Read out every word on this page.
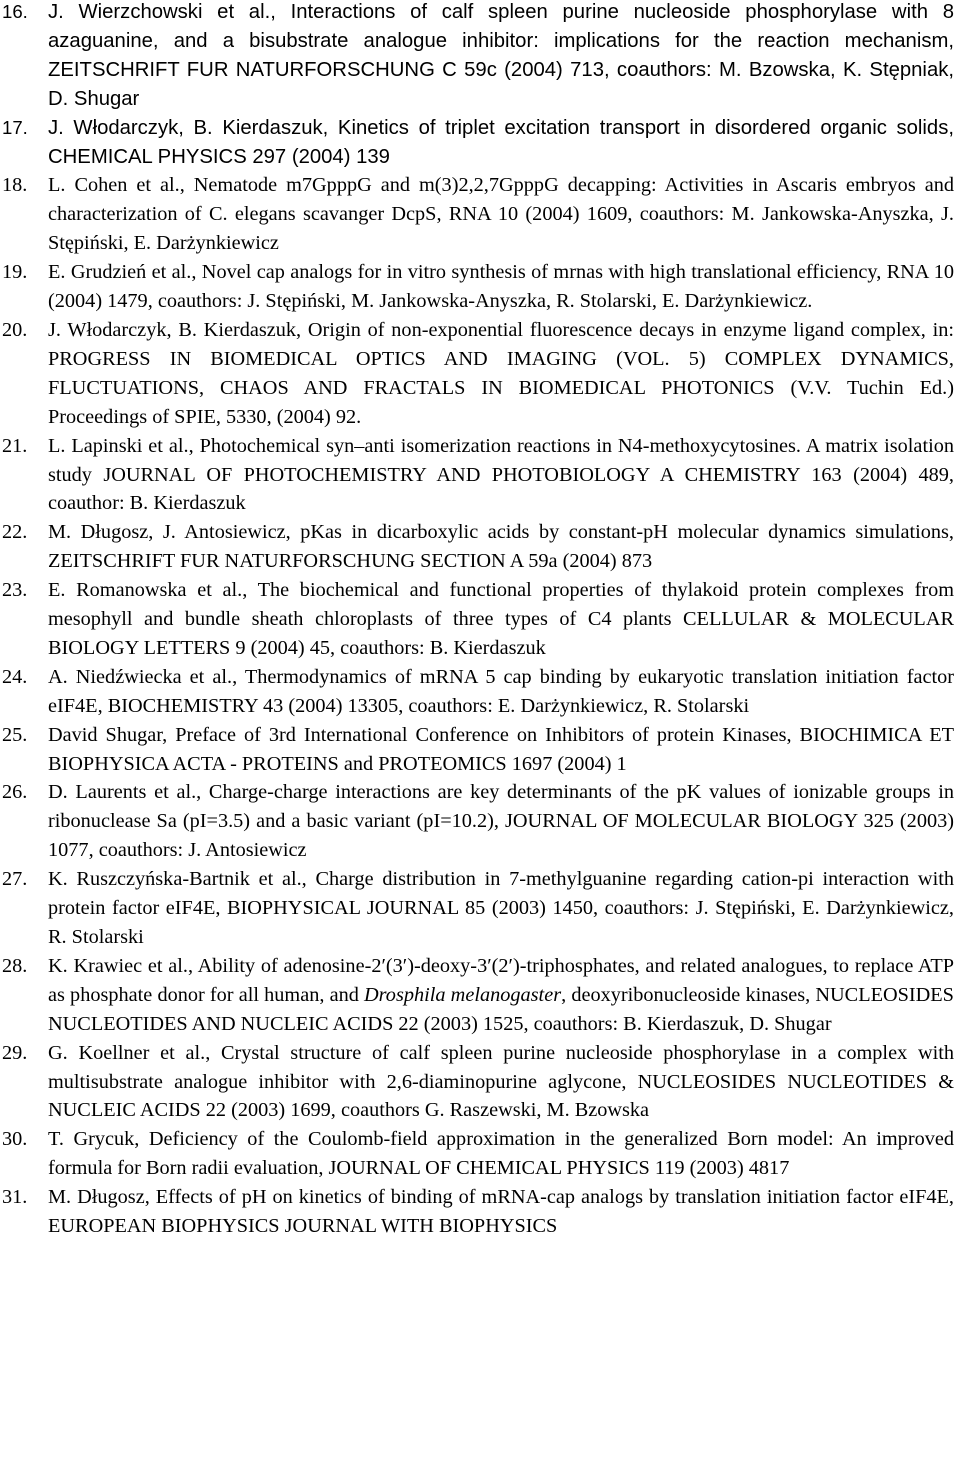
16. J. Wierzchowski et al., Interactions of calf spleen purine nucleoside phosphorylase with 8 azaguanine, and a bisubstrate analogue inhibitor: implications for the reaction mechanism, ZEITSCHRIFT FUR NATURFORSCHUNG C 59c (2004) 713, coauthors: M. Bzowska, K. Stępniak, D. Shugar
17. J. Włodarczyk, B. Kierdaszuk, Kinetics of triplet excitation transport in disordered organic solids, CHEMICAL PHYSICS 297 (2004) 139
18.	L. Cohen et al., Nematode m7GpppG and m(3)2,2,7GpppG decapping: Activities in Ascaris embryos and characterization of C. elegans scavanger DcpS, RNA 10 (2004) 1609, coauthors: M. Jankowska-Anyszka, J. Stępiński, E. Darżynkiewicz
19.	E. Grudzień et al., Novel cap analogs for in vitro synthesis of mrnas with high translational efficiency, RNA 10 (2004) 1479, coauthors: J. Stępiński, M. Jankowska-Anyszka, R. Stolarski, E. Darżynkiewicz.
20.	J. Włodarczyk, B. Kierdaszuk, Origin of non-exponential fluorescence decays in enzyme ligand complex, in: PROGRESS IN BIOMEDICAL OPTICS AND IMAGING (VOL. 5) COMPLEX DYNAMICS, FLUCTUATIONS, CHAOS AND FRACTALS IN BIOMEDICAL PHOTONICS (V.V. Tuchin Ed.) Proceedings of SPIE, 5330, (2004) 92.
21.	L. Lapinski et al., Photochemical syn–anti isomerization reactions in N4-methoxycytosines. A matrix isolation study JOURNAL OF PHOTOCHEMISTRY AND PHOTOBIOLOGY A CHEMISTRY 163 (2004) 489, coauthor: B. Kierdaszuk
22.	M. Długosz, J. Antosiewicz, pKas in dicarboxylic acids by constant-pH molecular dynamics simulations, ZEITSCHRIFT FUR NATURFORSCHUNG SECTION A 59a (2004) 873
23.	E. Romanowska et al., The biochemical and functional properties of thylakoid protein complexes from mesophyll and bundle sheath chloroplasts of three types of C4 plants CELLULAR & MOLECULAR BIOLOGY LETTERS 9 (2004) 45, coauthors: B. Kierdaszuk
24.	A. Niedźwiecka et al., Thermodynamics of mRNA 5 cap binding by eukaryotic translation initiation factor eIF4E, BIOCHEMISTRY 43 (2004) 13305, coauthors: E. Darżynkiewicz, R. Stolarski
25.	David Shugar, Preface of 3rd International Conference on Inhibitors of protein Kinases, BIOCHIMICA ET BIOPHYSICA ACTA - PROTEINS and PROTEOMICS 1697 (2004) 1
26.	D. Laurents et al., Charge-charge interactions are key determinants of the pK values of ionizable groups in ribonuclease Sa (pI=3.5) and a basic variant (pI=10.2), JOURNAL OF MOLECULAR BIOLOGY 325 (2003) 1077, coauthors: J. Antosiewicz
27.	K. Ruszczyńska-Bartnik et al., Charge distribution in 7-methylguanine regarding cation-pi interaction with protein factor eIF4E, BIOPHYSICAL JOURNAL 85 (2003) 1450, coauthors: J. Stępiński, E. Darżynkiewicz, R. Stolarski
28.	K. Krawiec et al., Ability of adenosine-2′(3′)-deoxy-3′(2′)-triphosphates, and related analogues, to replace ATP as phosphate donor for all human, and Drosphila melanogaster, deoxyribonucleoside kinases, NUCLEOSIDES NUCLEOTIDES AND NUCLEIC ACIDS 22 (2003) 1525, coauthors: B. Kierdaszuk, D. Shugar
29.	G. Koellner et al., Crystal structure of calf spleen purine nucleoside phosphorylase in a complex with multisubstrate analogue inhibitor with 2,6-diaminopurine aglycone, NUCLEOSIDES NUCLEOTIDES & NUCLEIC ACIDS 22 (2003) 1699, coauthors G. Raszewski, M. Bzowska
30.	T. Grycuk, Deficiency of the Coulomb-field approximation in the generalized Born model: An improved formula for Born radii evaluation, JOURNAL OF CHEMICAL PHYSICS 119 (2003) 4817
31.	M. Długosz, Effects of pH on kinetics of binding of mRNA-cap analogs by translation initiation factor eIF4E, EUROPEAN BIOPHYSICS JOURNAL WITH BIOPHYSICS
